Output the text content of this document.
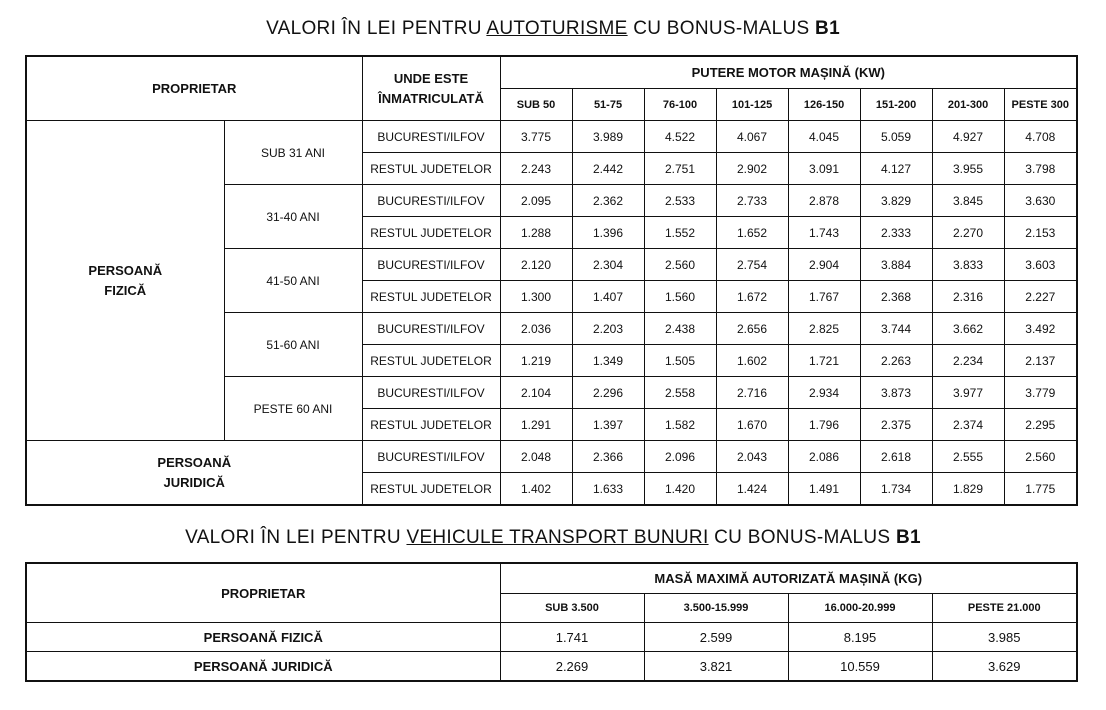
VALORI ÎN LEI PENTRU AUTOTURISME CU BONUS-MALUS B1
PROPRIETAR		UNDE ESTE ÎNMATRICULATĂ	PUTERE MOTOR MAȘINĂ (KW)							
			SUB 50	51-75	76-100	101-125	126-150	151-200	201-300	PESTE 300
PERSOANĂ
FIZICĂ	SUB 31 ANI	BUCURESTI/ILFOV	3.775	3.989	4.522	4.067	4.045	5.059	4.927	4.708
		RESTUL JUDETELOR	2.243	2.442	2.751	2.902	3.091	4.127	3.955	3.798
	31-40 ANI	BUCURESTI/ILFOV	2.095	2.362	2.533	2.733	2.878	3.829	3.845	3.630
		RESTUL JUDETELOR	1.288	1.396	1.552	1.652	1.743	2.333	2.270	2.153
	41-50 ANI	BUCURESTI/ILFOV	2.120	2.304	2.560	2.754	2.904	3.884	3.833	3.603
		RESTUL JUDETELOR	1.300	1.407	1.560	1.672	1.767	2.368	2.316	2.227
	51-60 ANI	BUCURESTI/ILFOV	2.036	2.203	2.438	2.656	2.825	3.744	3.662	3.492
		RESTUL JUDETELOR	1.219	1.349	1.505	1.602	1.721	2.263	2.234	2.137
	PESTE 60 ANI	BUCURESTI/ILFOV	2.104	2.296	2.558	2.716	2.934	3.873	3.977	3.779
		RESTUL JUDETELOR	1.291	1.397	1.582	1.670	1.796	2.375	2.374	2.295
PERSOANĂ
JURIDICĂ		BUCURESTI/ILFOV	2.048	2.366	2.096	2.043	2.086	2.618	2.555	2.560
		RESTUL JUDETELOR	1.402	1.633	1.420	1.424	1.491	1.734	1.829	1.775
VALORI ÎN LEI PENTRU VEHICULE TRANSPORT BUNURI CU BONUS-MALUS B1
PROPRIETAR	MASĂ MAXIMĂ AUTORIZATĂ MAȘINĂ (KG)			
	SUB 3.500	3.500-15.999	16.000-20.999	PESTE 21.000
PERSOANĂ FIZICĂ	1.741	2.599	8.195	3.985
PERSOANĂ JURIDICĂ	2.269	3.821	10.559	3.629
